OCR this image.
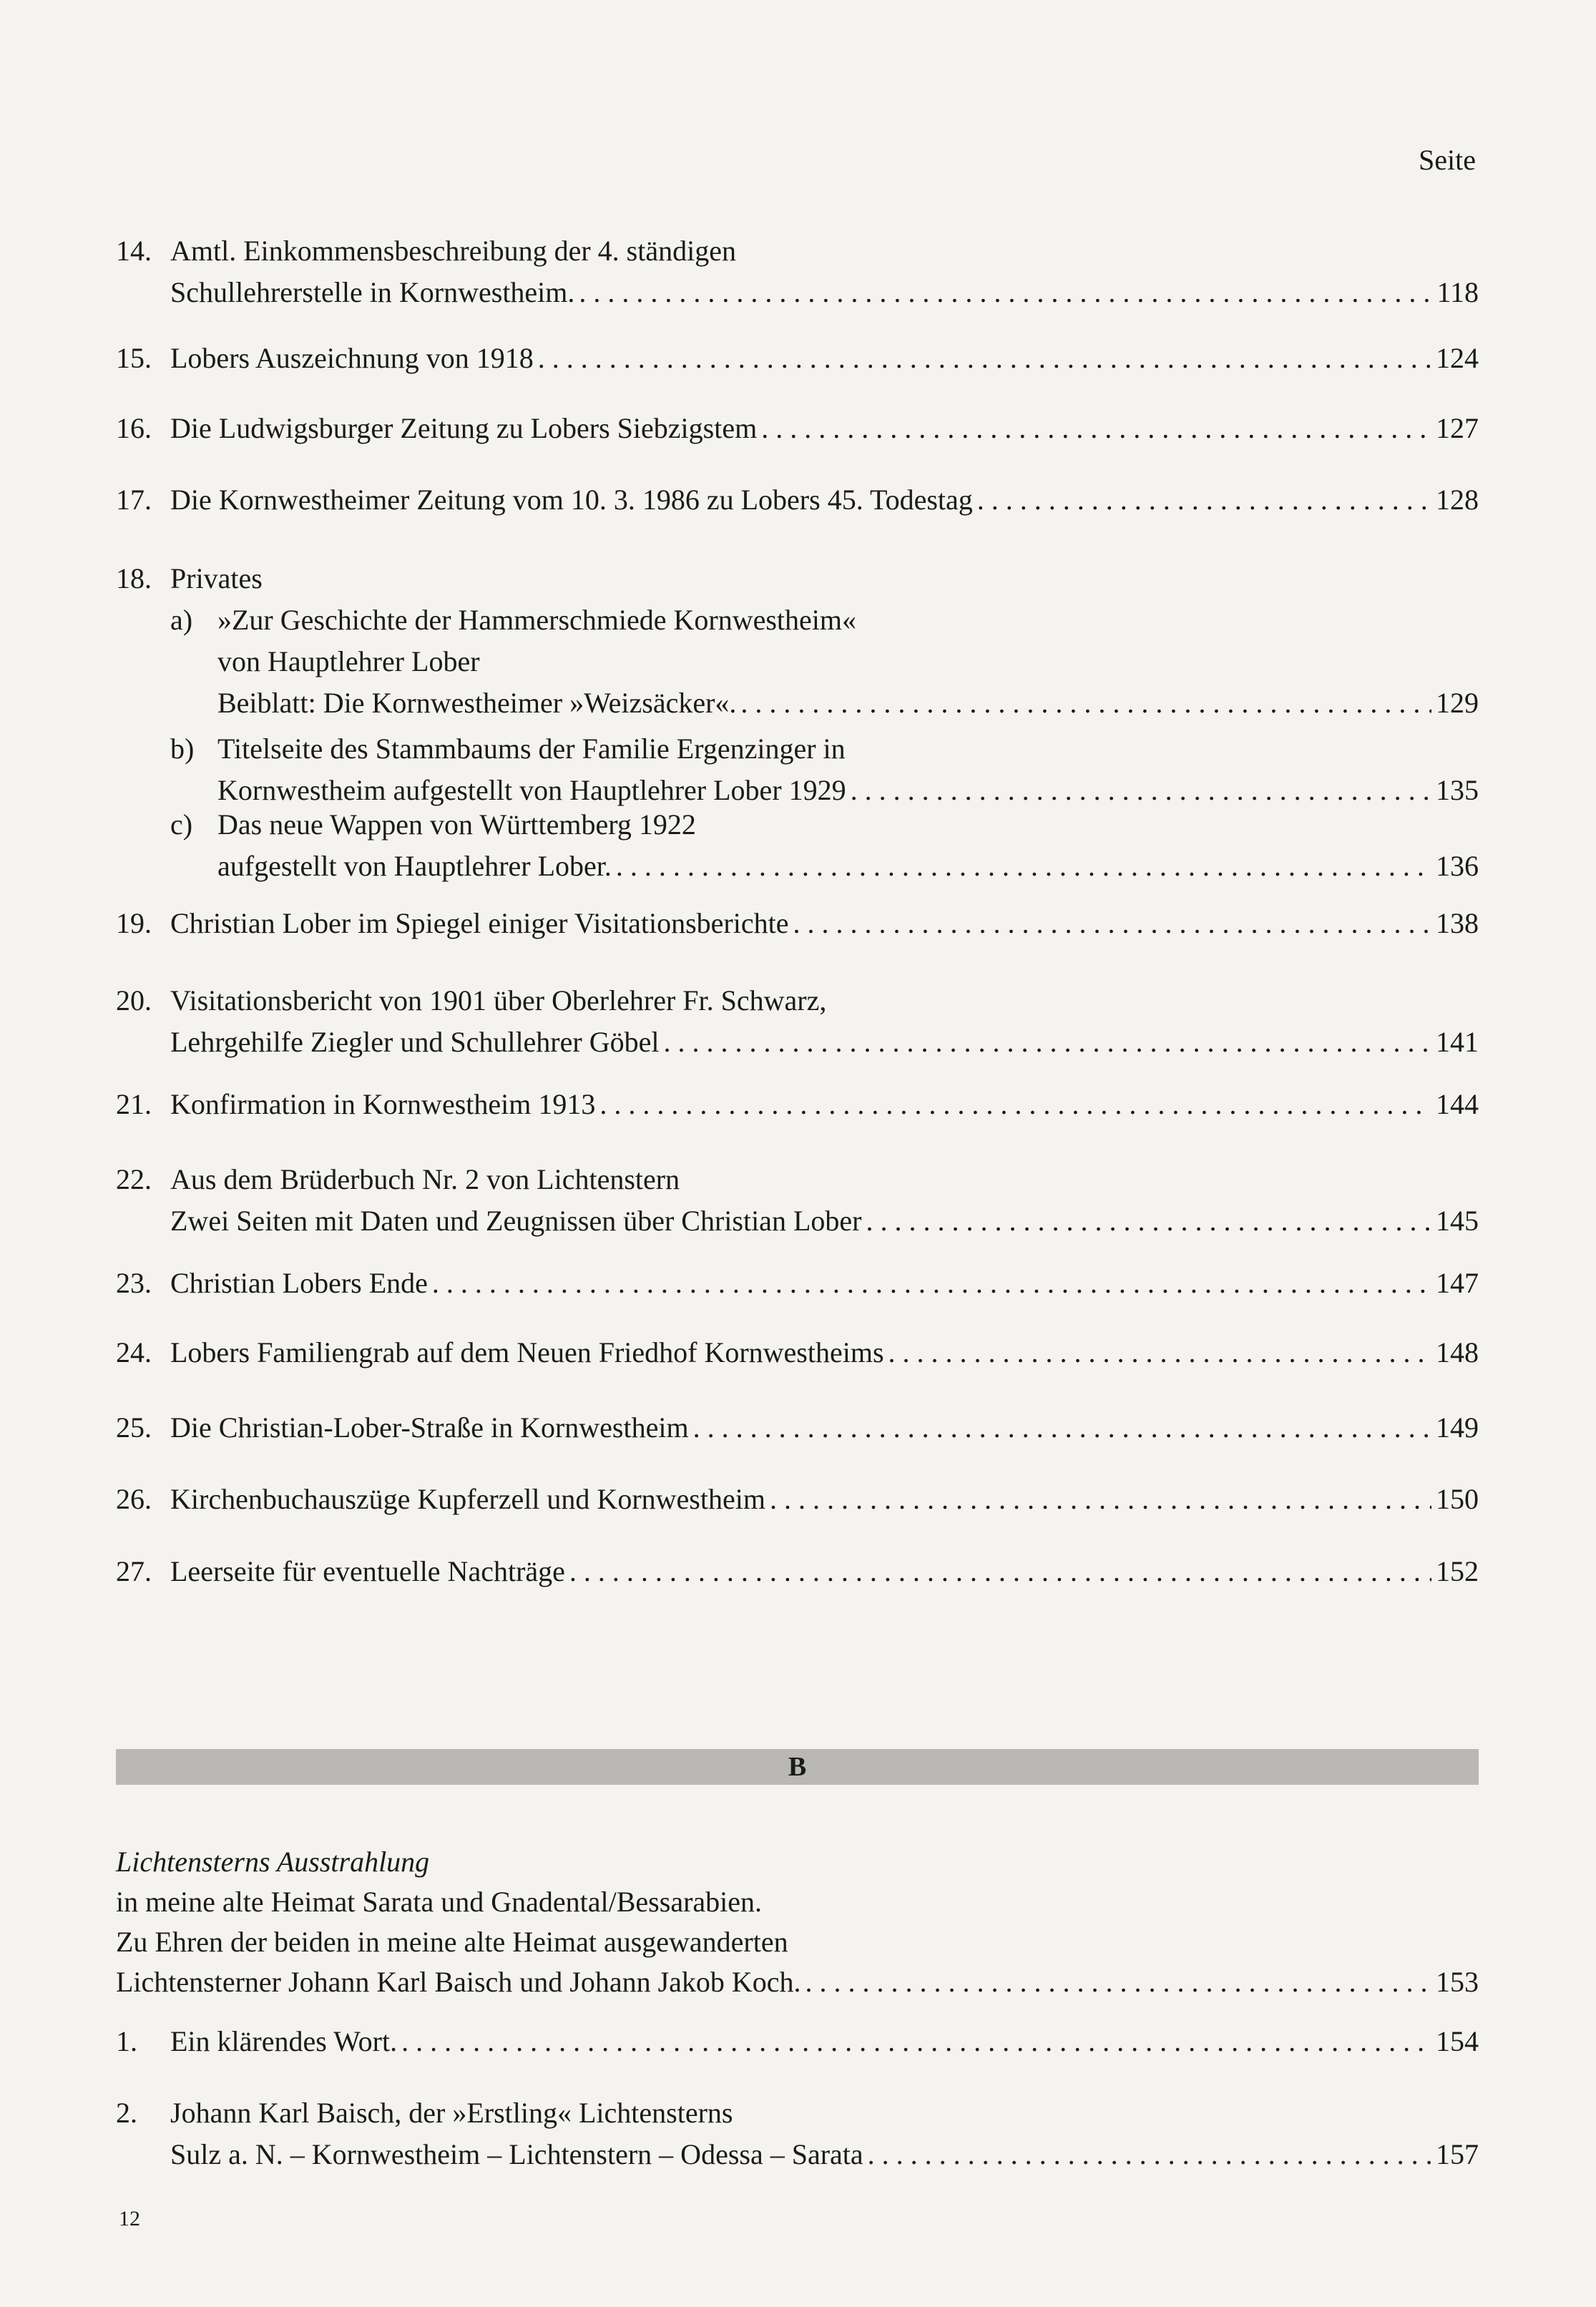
Seite
14. Amtl. Einkommensbeschreibung der 4. ständigen
Schullehrerstelle in Kornwestheim. . . .	118
15. Lobers Auszeichnung von 1918 . . .	124
16. Die Ludwigsburger Zeitung zu Lobers Siebzigstem . . .	127
17. Die Kornwestheimer Zeitung vom 10. 3. 1986 zu Lobers 45. Todestag . . .	128
18. Privates
a) »Zur Geschichte der Hammerschmiede Kornwestheim«
von Hauptlehrer Lober
Beiblatt: Die Kornwestheimer »Weizsäcker«. . . .	129
b) Titelseite des Stammbaums der Familie Ergenzinger in
Kornwestheim aufgestellt von Hauptlehrer Lober 1929 . . .	135
c) Das neue Wappen von Württemberg 1922
aufgestellt von Hauptlehrer Lober. . . .	136
19. Christian Lober im Spiegel einiger Visitationsberichte . . .	138
20. Visitationsbericht von 1901 über Oberlehrer Fr. Schwarz,
Lehrgehilfe Ziegler und Schullehrer Göbel . . .	141
21. Konfirmation in Kornwestheim 1913 . . .	144
22. Aus dem Brüderbuch Nr. 2 von Lichtenstern
Zwei Seiten mit Daten und Zeugnissen über Christian Lober . . .	145
23. Christian Lobers Ende . . .	147
24. Lobers Familiengrab auf dem Neuen Friedhof Kornwestheims . . .	148
25. Die Christian-Lober-Straße in Kornwestheim . . .	149
26. Kirchenbuchauszüge Kupferzell und Kornwestheim . . .	150
27. Leerseite für eventuelle Nachträge . . .	152
B
Lichtensterns Ausstrahlung
in meine alte Heimat Sarata und Gnadental/Bessarabien.
Zu Ehren der beiden in meine alte Heimat ausgewanderten
Lichtensterner Johann Karl Baisch und Johann Jakob Koch. . . .	153
1.	Ein klärendes Wort. . . .	154
2.	Johann Karl Baisch, der »Erstling« Lichtensterns
Sulz a. N. – Kornwestheim – Lichtenstern – Odessa – Sarata . . .	157
12
